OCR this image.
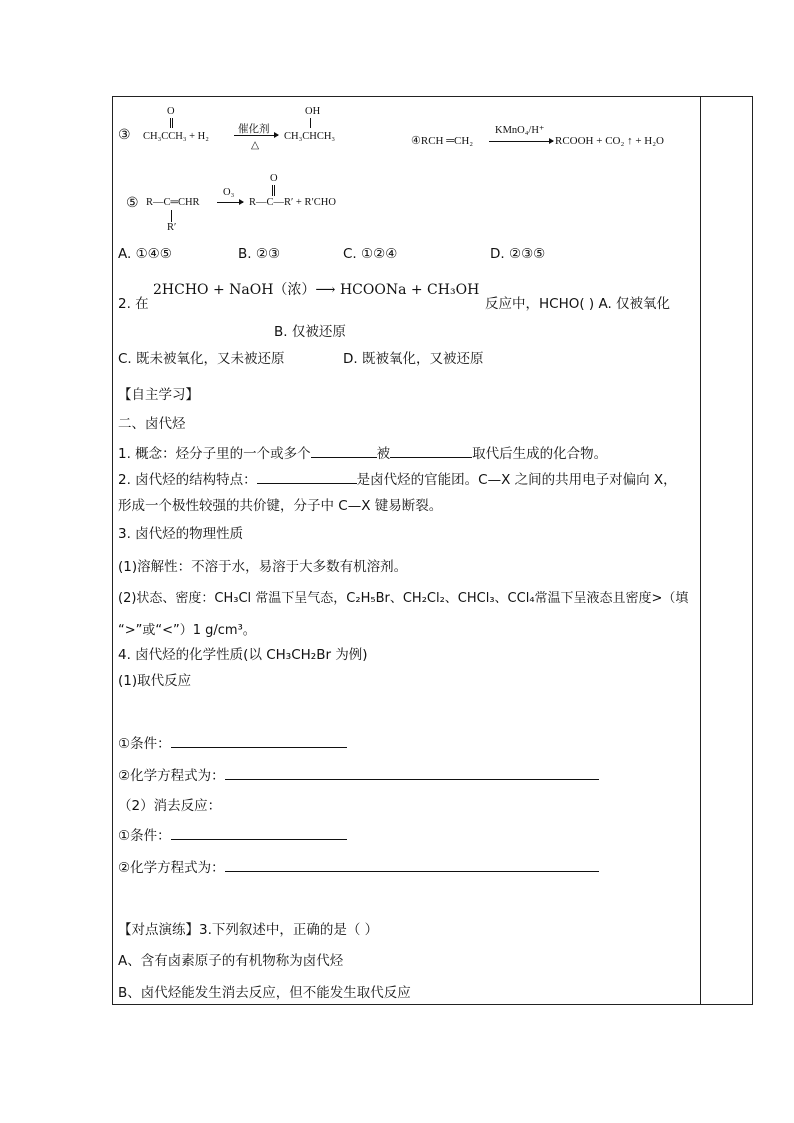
③
O
CH₃CCH₃ + H₂
催化剂
△
OH
CH₃CHCH₃	④RCH ═CH₂
KMnO₄/H⁺
RCOOH + CO₂ ↑ + H₂O
⑤ R—C═CHR
R′
O₃
O
R—C—R′ + R′CHO
A. ①④⑤	B. ②③	C. ①②④	D. ②③⑤
2. 在
2HCHO + NaOH（浓）⟶ HCOONa + CH₃OH
反应中，HCHO( ) A. 仅被氧化
B. 仅被还原
C. 既未被氧化，又未被还原	D. 既被氧化，又被还原
【自主学习】
二、卤代烃
1. 概念：烃分子里的一个或多个	被	取代后生成的化合物。
2. 卤代烃的结构特点：	是卤代烃的官能团。C—X 之间的共用电子对偏向 X，
形成一个极性较强的共价键，分子中 C—X 键易断裂。
3. 卤代烃的物理性质
(1)溶解性：不溶于水，易溶于大多数有机溶剂。
(2)状态、密度：CH₃Cl 常温下呈气态，C₂H₅Br、CH₂Cl₂、CHCl₃、CCl₄常温下呈液态且密度>（填
“>”或“<”）1 g/cm³。
4. 卤代烃的化学性质(以 CH₃CH₂Br 为例)
(1)取代反应
①条件：
②化学方程式为：
（2）消去反应：
①条件：
②化学方程式为：
【对点演练】3.下列叙述中，正确的是（ ）
A、含有卤素原子的有机物称为卤代烃
B、卤代烃能发生消去反应，但不能发生取代反应
